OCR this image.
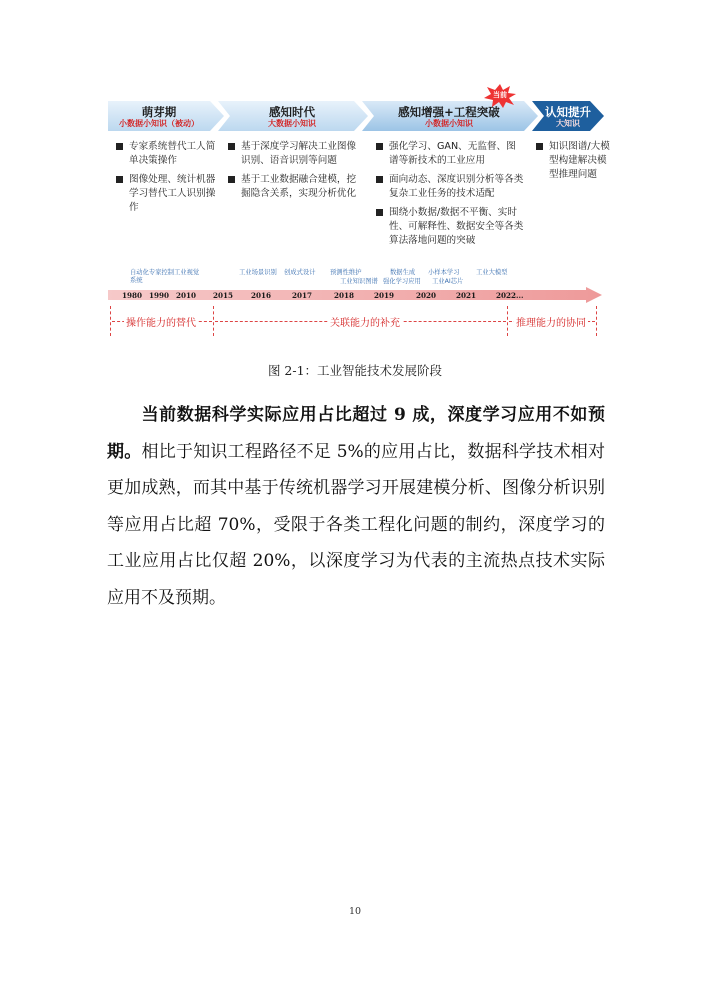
萌芽期
小数据小知识（被动）
感知时代
大数据小知识
感知增强+工程突破
小数据小知识
认知提升
大知识
当前
专家系统替代工人简单决策操作
图像处理、统计机器学习替代工人识别操作
基于深度学习解决工业图像识别、语音识别等问题
基于工业数据融合建模，挖掘隐含关系，实现分析优化
强化学习、GAN、无监督、图谱等新技术的工业应用
面向动态、深度识别分析等各类复杂工业任务的技术适配
围绕小数据/数据不平衡、实时性、可解释性、数据安全等各类算法落地问题的突破
知识图谱/大模型构建解决模型推理问题
自动化专家控制系统
工业视觉	工业场景识别 创成式设计 预测性维护
工业知识图谱
数据生成
强化学习应用
小样本学习
工业AI芯片
工业大模型
1980 1990 2010 2015 2016	2017	2018	2019	2020	2021	2022...
操作能力的替代	关联能力的补充	推理能力的协同
图 2-1：工业智能技术发展阶段
当前数据科学实际应用占比超过 9 成，深度学习应用不如预期。相比于知识工程路径不足 5%的应用占比，数据科学技术相对更加成熟，而其中基于传统机器学习开展建模分析、图像分析识别等应用占比超 70%，受限于各类工程化问题的制约，深度学习的工业应用占比仅超 20%，以深度学习为代表的主流热点技术实际应用不及预期。
10
